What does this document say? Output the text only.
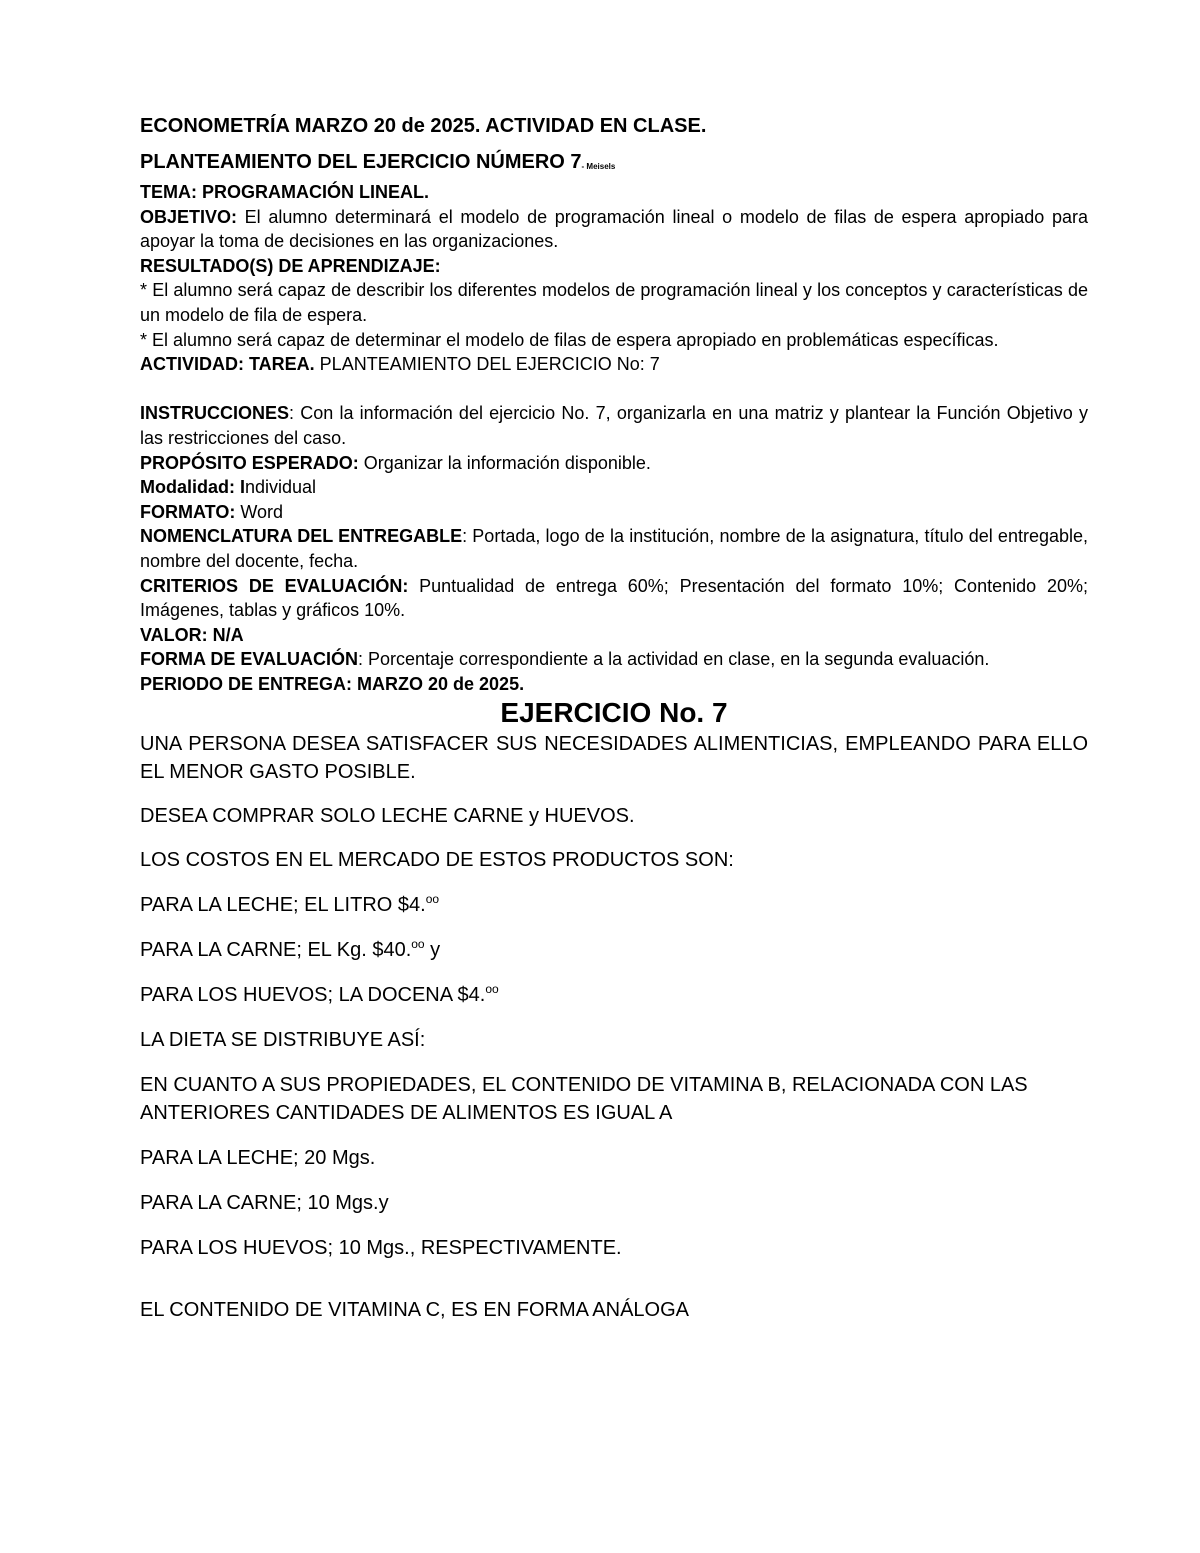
ECONOMETRÍA MARZO 20 de 2025. ACTIVIDAD EN CLASE.

PLANTEAMIENTO DEL EJERCICIO NÚMERO 7- Meisels

TEMA: PROGRAMACIÓN LINEAL.

OBJETIVO: El alumno determinará el modelo de programación lineal o modelo de filas de espera apropiado para apoyar la toma de decisiones en las organizaciones.

RESULTADO(S) DE APRENDIZAJE:

* El alumno será capaz de describir los diferentes modelos de programación lineal y los conceptos y características de un modelo de fila de espera.

* El alumno será capaz de determinar el modelo de filas de espera apropiado en problemáticas específicas.

ACTIVIDAD: TAREA. PLANTEAMIENTO DEL EJERCICIO No: 7

INSTRUCCIONES: Con la información del ejercicio No. 7, organizarla en una matriz y plantear la Función Objetivo y las restricciones del caso.

PROPÓSITO ESPERADO: Organizar la información disponible.

Modalidad: Individual

FORMATO: Word

NOMENCLATURA DEL ENTREGABLE: Portada, logo de la institución, nombre de la asignatura, título del entregable, nombre del docente, fecha.

CRITERIOS DE EVALUACIÓN: Puntualidad de entrega 60%; Presentación del formato 10%; Contenido 20%; Imágenes, tablas y gráficos 10%.

VALOR: N/A

FORMA DE EVALUACIÓN: Porcentaje correspondiente a la actividad en clase, en la segunda evaluación.

PERIODO DE ENTREGA: MARZO 20 de 2025.

EJERCICIO No. 7

UNA PERSONA DESEA SATISFACER SUS NECESIDADES ALIMENTICIAS, EMPLEANDO PARA ELLO EL MENOR GASTO POSIBLE.

DESEA COMPRAR SOLO LECHE CARNE y HUEVOS.

LOS COSTOS EN EL MERCADO DE ESTOS PRODUCTOS SON:

PARA LA LECHE; EL LITRO $4.$^{oo}$

PARA LA CARNE; EL Kg. $40.$^{oo}$ y

PARA LOS HUEVOS; LA DOCENA $4.$^{oo}$

LA DIETA SE DISTRIBUYE ASÍ:

EN CUANTO A SUS PROPIEDADES, EL CONTENIDO DE VITAMINA B, RELACIONADA CON LAS ANTERIORES CANTIDADES DE ALIMENTOS ES IGUAL A

PARA LA LECHE; 20 Mgs.

PARA LA CARNE; 10 Mgs.y

PARA LOS HUEVOS; 10 Mgs., RESPECTIVAMENTE.

EL CONTENIDO DE VITAMINA C, ES EN FORMA ANÁLOGA
